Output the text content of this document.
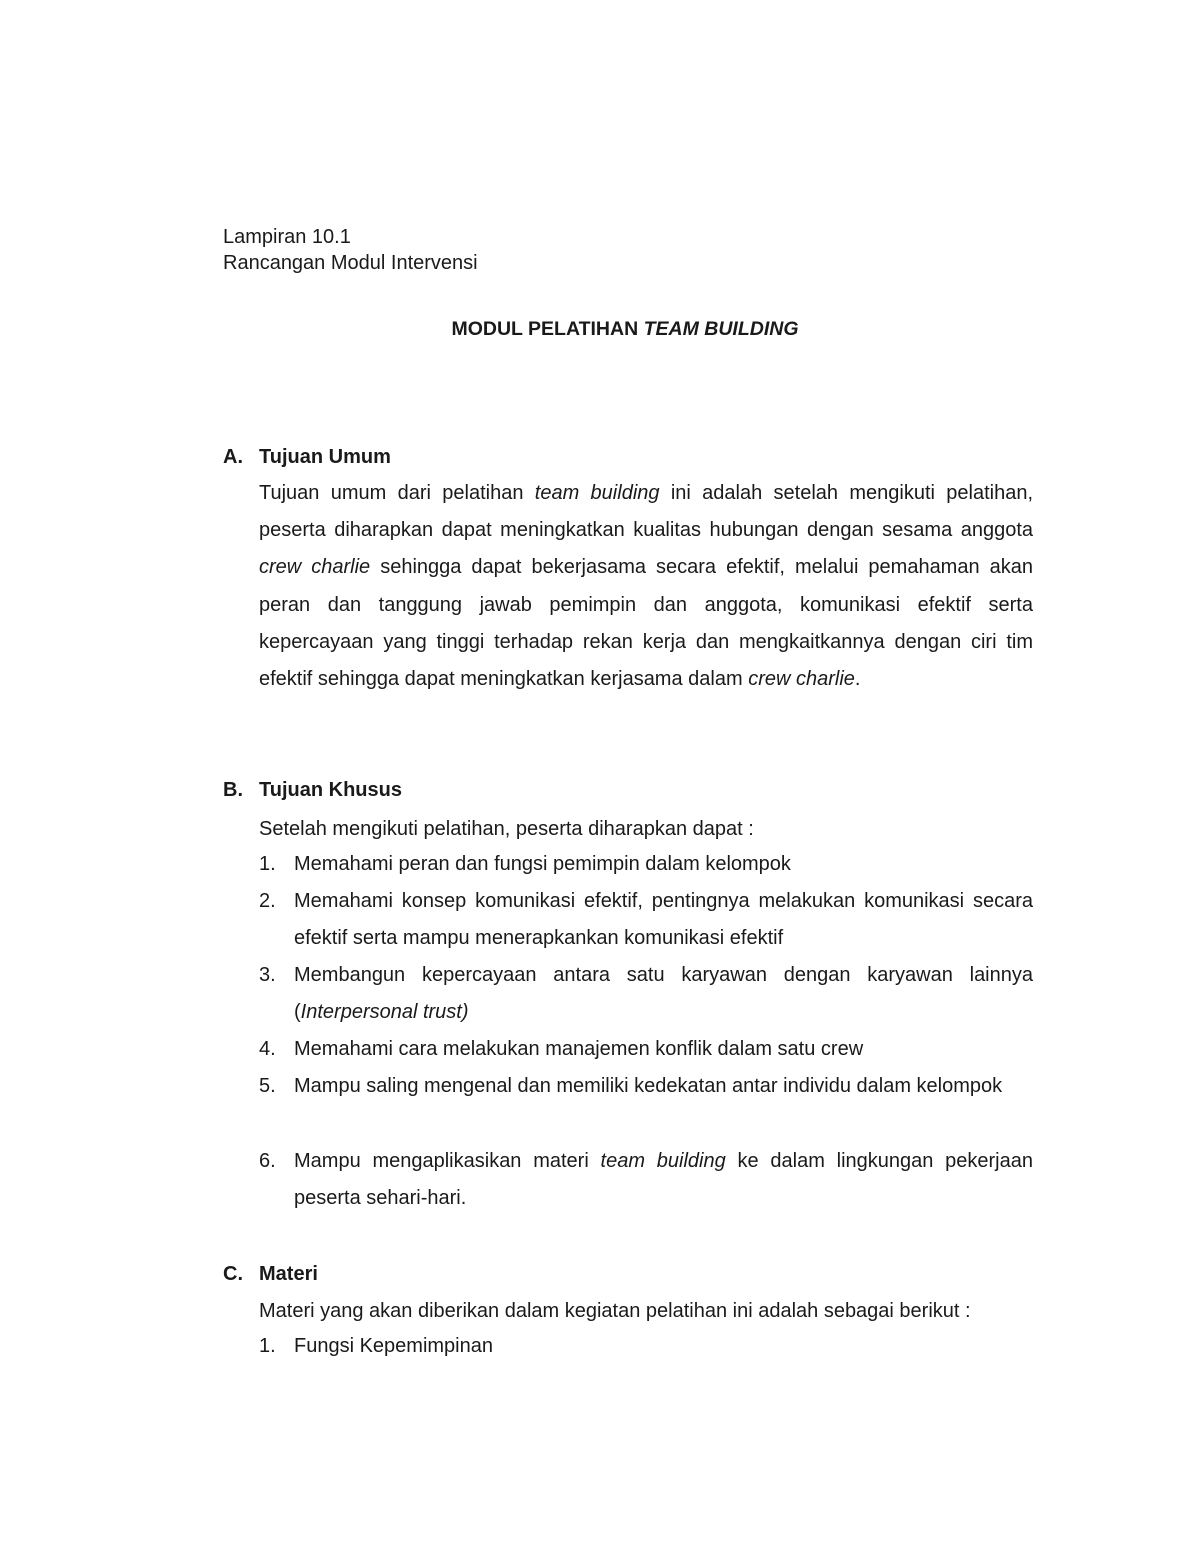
Lampiran 10.1
Rancangan Modul Intervensi
MODUL PELATIHAN TEAM BUILDING
A. Tujuan Umum
Tujuan umum dari pelatihan team building ini adalah setelah mengikuti pelatihan, peserta diharapkan dapat meningkatkan kualitas hubungan dengan sesama anggota crew charlie sehingga dapat bekerjasama secara efektif, melalui pemahaman akan peran dan tanggung jawab pemimpin dan anggota, komunikasi efektif serta kepercayaan yang tinggi terhadap rekan kerja dan mengkaitkannya dengan ciri tim efektif sehingga dapat meningkatkan kerjasama dalam crew charlie.
B. Tujuan Khusus
Setelah mengikuti pelatihan, peserta diharapkan dapat :
1. Memahami peran dan fungsi pemimpin dalam kelompok
2. Memahami konsep komunikasi efektif, pentingnya melakukan komunikasi secara efektif serta mampu menerapkankan komunikasi efektif
3. Membangun kepercayaan antara satu karyawan dengan karyawan lainnya (Interpersonal trust)
4. Memahami cara melakukan manajemen konflik dalam satu crew
5. Mampu saling mengenal dan memiliki kedekatan antar individu dalam kelompok
6. Mampu mengaplikasikan materi team building ke dalam lingkungan pekerjaan peserta sehari-hari.
C. Materi
Materi yang akan diberikan dalam kegiatan pelatihan ini adalah sebagai berikut :
1. Fungsi Kepemimpinan
